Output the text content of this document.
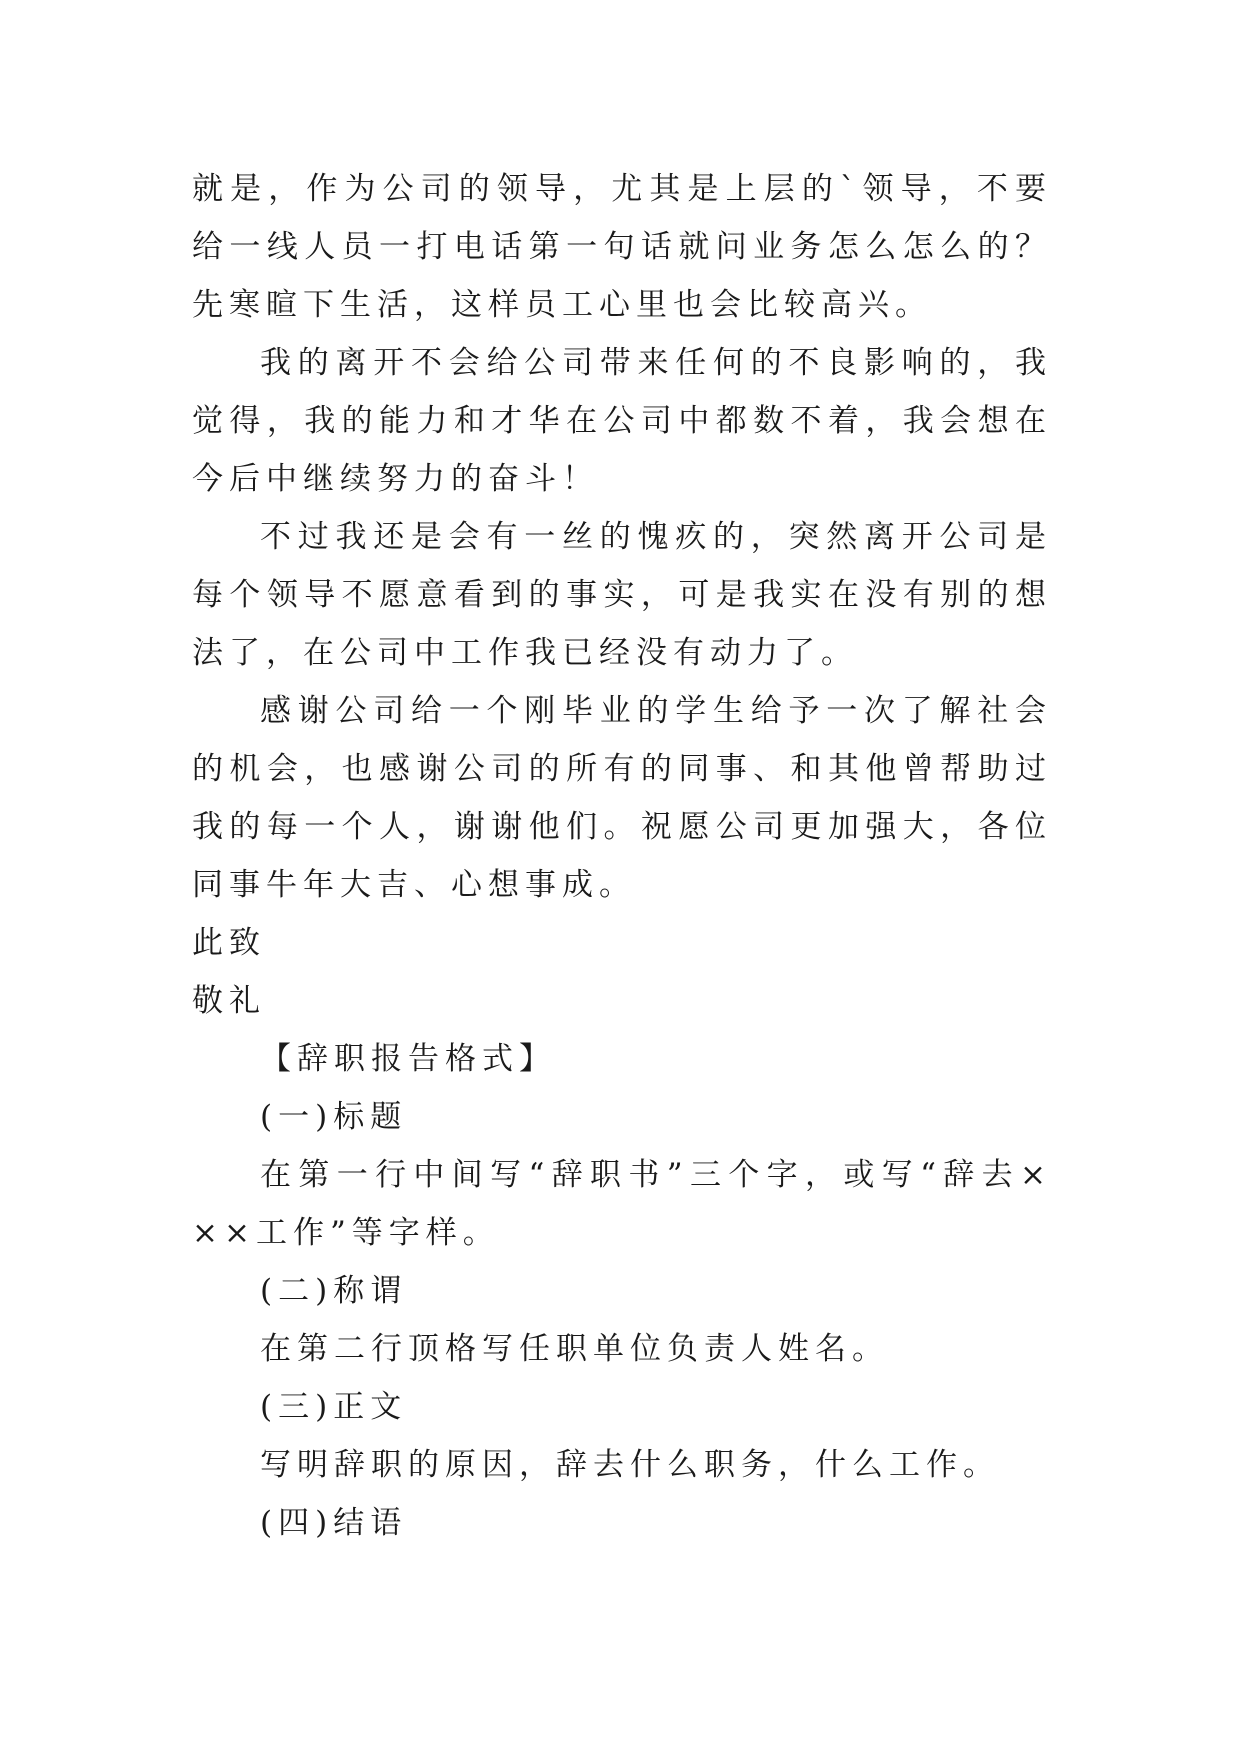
就是，作为公司的领导，尤其是上层的`领导，不要给一线人员一打电话第一句话就问业务怎么怎么的？先寒暄下生活，这样员工心里也会比较高兴。

我的离开不会给公司带来任何的不良影响的，我觉得，我的能力和才华在公司中都数不着，我会想在今后中继续努力的奋斗！

不过我还是会有一丝的愧疚的，突然离开公司是每个领导不愿意看到的事实，可是我实在没有别的想法了，在公司中工作我已经没有动力了。

感谢公司给一个刚毕业的学生给予一次了解社会的机会，也感谢公司的所有的同事、和其他曾帮助过我的每一个人，谢谢他们。祝愿公司更加强大，各位同事牛年大吉、心想事成。

此致

敬礼

【辞职报告格式】

(一)标题

在第一行中间写“辞职书”三个字，或写“辞去×××工作”等字样。

(二)称谓

在第二行顶格写任职单位负责人姓名。

(三)正文

写明辞职的原因，辞去什么职务，什么工作。

(四)结语
